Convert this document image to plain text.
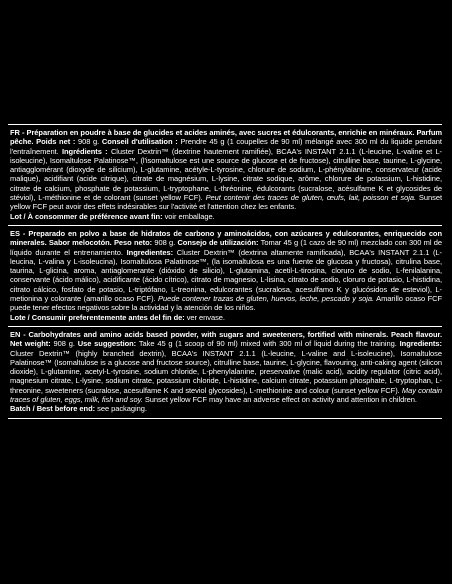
FR - Préparation en poudre à base de glucides et acides aminés, avec sucres et édulcorants, enrichie en minéraux. Parfum pêche. Poids net : 908 g. Conseil d'utilisation : Prendre 45 g (1 coupelles de 90 ml) mélangé avec 300 ml du liquide pendant l'entraînement. Ingrédients : Cluster Dextrin™ (dextrine hautement ramifiée), BCAA's INSTANT 2.1.1 (L-leucine, L-valine et L-isoleucine), Isomaltulose Palatinose™, (l'isomaltulose est une source de glucose et de fructose), citrulline base, taurine, L-glycine, antiagglomérant (dioxyde de silicium), L-glutamine, acétyle-L-tyrosine, chlorure de sodium, L-phénylalanine, conservateur (acide malique), acidifiant (acide citrique), citrate de magnésium, L-lysine, citrate sodique, arôme, chlorure de potassium, L-histidine, citrate de calcium, phosphate de potassium, L-tryptophane, L-thréonine, édulcorants (sucralose, acésulfame K et glycosides de stéviol), L-méthionine et de colorant (sunset yellow FCF). Peut contenir des traces de gluten, œufs, lait, poisson et soja. Sunset yellow FCF peut avoir des effets indésirables sur l'activité et l'attention chez les enfants.
Lot / À consommer de préférence avant fin: voir emballage.
ES - Preparado en polvo a base de hidratos de carbono y aminoácidos, con azúcares y edulcorantes, enriquecido con minerales. Sabor melocotón. Peso neto: 908 g. Consejo de utilización: Tomar 45 g (1 cazo de 90 ml) mezclado con 300 ml de líquido durante el entrenamiento. Ingredientes: Cluster Dextrin™ (dextrina altamente ramificada), BCAA's INSTANT 2.1.1 (L-leucina, L-valina y L-isoleucina), Isomaltulosa Palatinose™, (la isomaltulosa es una fuente de glucosa y fructosa), citrulina base, taurina, L-glicina, aroma, antiaglomerante (dióxido de silicio), L-glutamina, acetil-L-tirosina, cloruro de sodio, L-fenilalanina, conservante (ácido málico), acidificante (ácido cítrico), citrato de magnesio, L-lisina, citrato de sodio, cloruro de potasio, L-histidina, citrato cálcico, fosfato de potasio, L-triptófano, L-treonina, edulcorantes (sucralosa, acesulfamo K y glucósidos de esteviol), L-metionina y colorante (amarillo ocaso FCF). Puede contener trazas de gluten, huevos, leche, pescado y soja. Amarillo ocaso FCF puede tener efectos negativos sobre la actividad y la atención de los niños.
Lote / Consumir preferentemente antes del fin de: ver envase.
EN - Carbohydrates and amino acids based powder, with sugars and sweeteners, fortified with minerals. Peach flavour. Net weight: 908 g. Use suggestion: Take 45 g (1 scoop of 90 ml) mixed with 300 ml of liquid during the training. Ingredients: Cluster Dextrin™ (highly branched dextrin), BCAA's INSTANT 2.1.1 (L-leucine, L-valine and L-isoleucine), Isomaltulose Palatinose™ (Isomaltulose is a glucose and fructose source), citrulline base, taurine, L-glycine, flavouring, anti-caking agent (silicon dioxide), L-glutamine, acetyl-L-tyrosine, sodium chloride, L-phenylalanine, preservative (malic acid), acidity regulator (citric acid), magnesium citrate, L-lysine, sodium citrate, potassium chloride, L-histidine, calcium citrate, potassium phosphate, L-tryptophan, L-threonine, sweeteners (sucralose, acesulfame K and steviol glycosides), L-methionine and colour (sunset yellow FCF). May contain traces of gluten, eggs, milk, fish and soy. Sunset yellow FCF may have an adverse effect on activity and attention in children.
Batch / Best before end: see packaging.
